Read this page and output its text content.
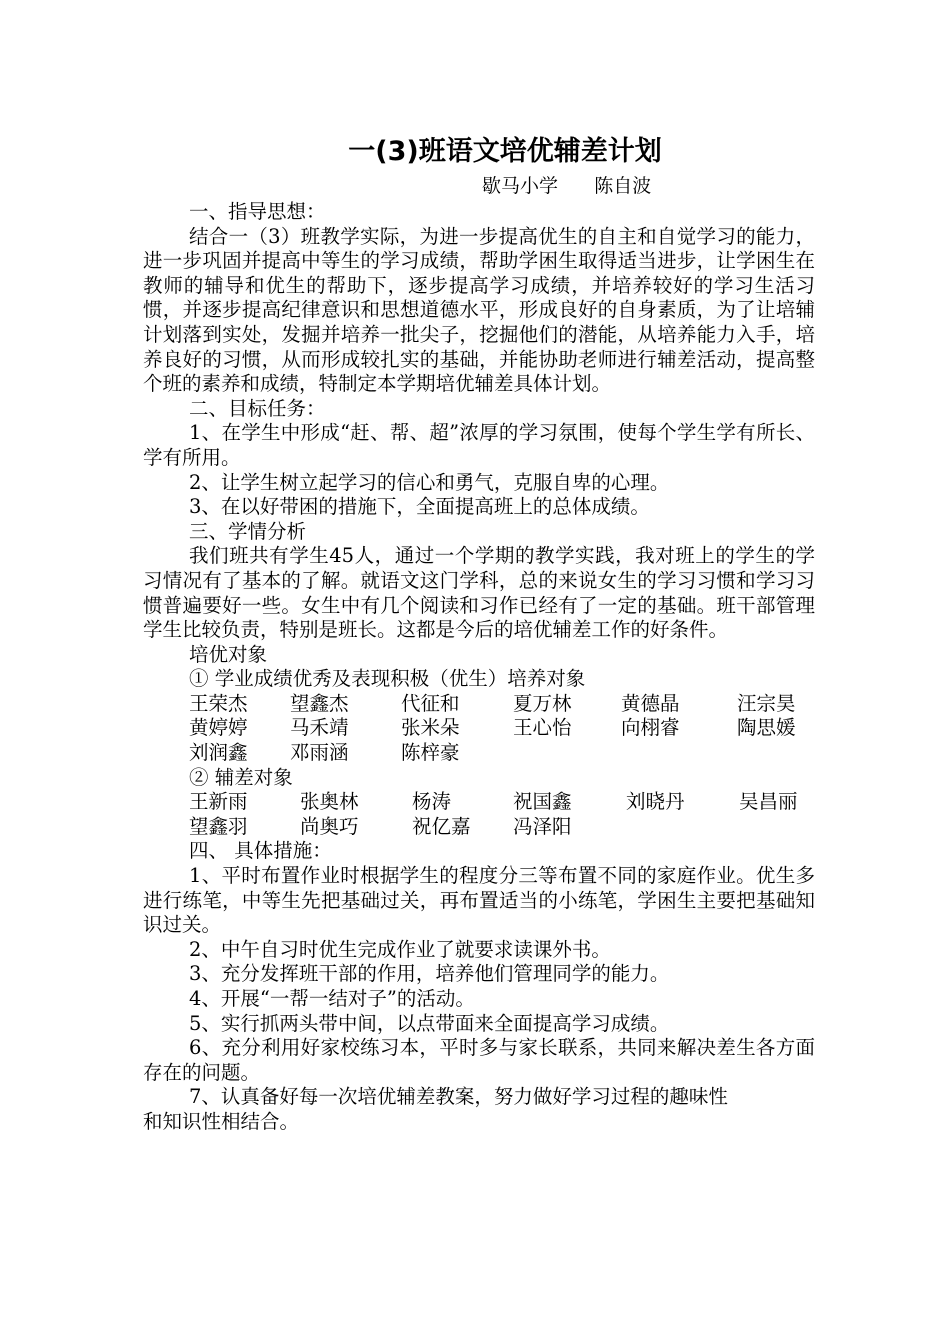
一(3)班语文培优辅差计划
歇马小学      陈自波

一、指导思想：

结合一（3）班教学实际，为进一步提高优生的自主和自觉学习的能力，进一步巩固并提高中等生的学习成绩，帮助学困生取得适当进步，让学困生在教师的辅导和优生的帮助下，逐步提高学习成绩，并培养较好的学习生活习惯，并逐步提高纪律意识和思想道德水平，形成良好的自身素质，为了让培辅计划落到实处，发掘并培养一批尖子，挖掘他们的潜能，从培养能力入手，培养良好的习惯，从而形成较扎实的基础，并能协助老师进行辅差活动，提高整个班的素养和成绩，特制定本学期培优辅差具体计划。

二、目标任务：

1、在学生中形成“赶、帮、超”浓厚的学习氛围，使每个学生学有所长、学有所用。

2、让学生树立起学习的信心和勇气，克服自卑的心理。

3、在以好带困的措施下，全面提高班上的总体成绩。

三、学情分析

我们班共有学生45人，通过一个学期的教学实践，我对班上的学生的学习情况有了基本的了解。就语文这门学科，总的来说女生的学习习惯和学习习惯普遍要好一些。女生中有几个阅读和习作已经有了一定的基础。班干部管理学生比较负责，特别是班长。这都是今后的培优辅差工作的好条件。

培优对象

① 学业成绩优秀及表现积极（优生）培养对象

王荣杰 望鑫杰	代征和	夏万林	黄德晶	汪宗昊
黄婷婷 马禾靖	张米朵	王心怡	向栩睿	陶思媛
刘润鑫 邓雨涵	陈梓豪

② 辅差对象

王新雨	张奥林	杨涛	祝国鑫	刘晓丹	吴昌丽
望鑫羽	尚奥巧	祝亿嘉 冯泽阳

四、 具体措施：

1、平时布置作业时根据学生的程度分三等布置不同的家庭作业。优生多进行练笔，中等生先把基础过关，再布置适当的小练笔，学困生主要把基础知识过关。

2、中午自习时优生完成作业了就要求读课外书。

3、充分发挥班干部的作用，培养他们管理同学的能力。

4、开展“一帮一结对子”的活动。

5、实行抓两头带中间，以点带面来全面提高学习成绩。

6、充分利用好家校练习本，平时多与家长联系，共同来解决差生各方面存在的问题。

7、认真备好每一次培优辅差教案，努力做好学习过程的趣味性

和知识性相结合。
